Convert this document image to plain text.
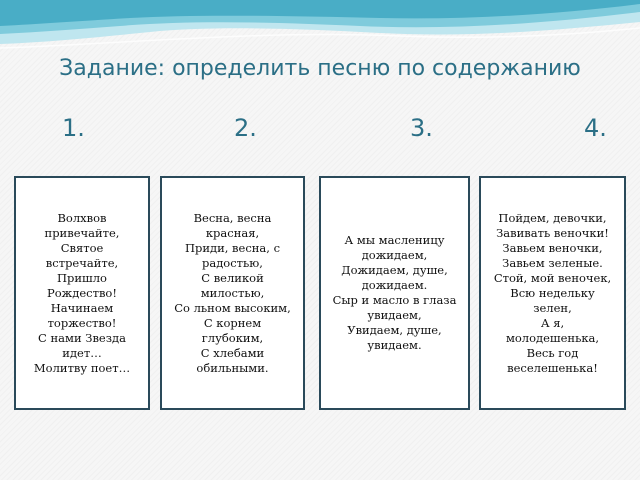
Задание: определить песню по содержанию
1.	2.	3.	4.
Волхвов
привечайте,
Святое
встречайте,
Пришло
Рождество!
Начинаем
торжество!
С нами Звезда
идет…
Молитву поет…
Весна, весна
красная,
Приди, весна, с
радостью,
С великой
милостью,
Со льном высоким,
С корнем
глубоким,
С хлебами
обильными.
А мы масленицу
дожидаем,
Дожидаем, душе,
дожидаем.
Сыр и масло в глаза
увидаем,
Увидаем, душе,
увидаем.
Пойдем, девочки,
Завивать веночки!
Завьем веночки,
Завьем зеленые.
Стой, мой веночек,
Всю недельку
зелен,
А я,
молодешенька,
Весь год
веселешенька!
